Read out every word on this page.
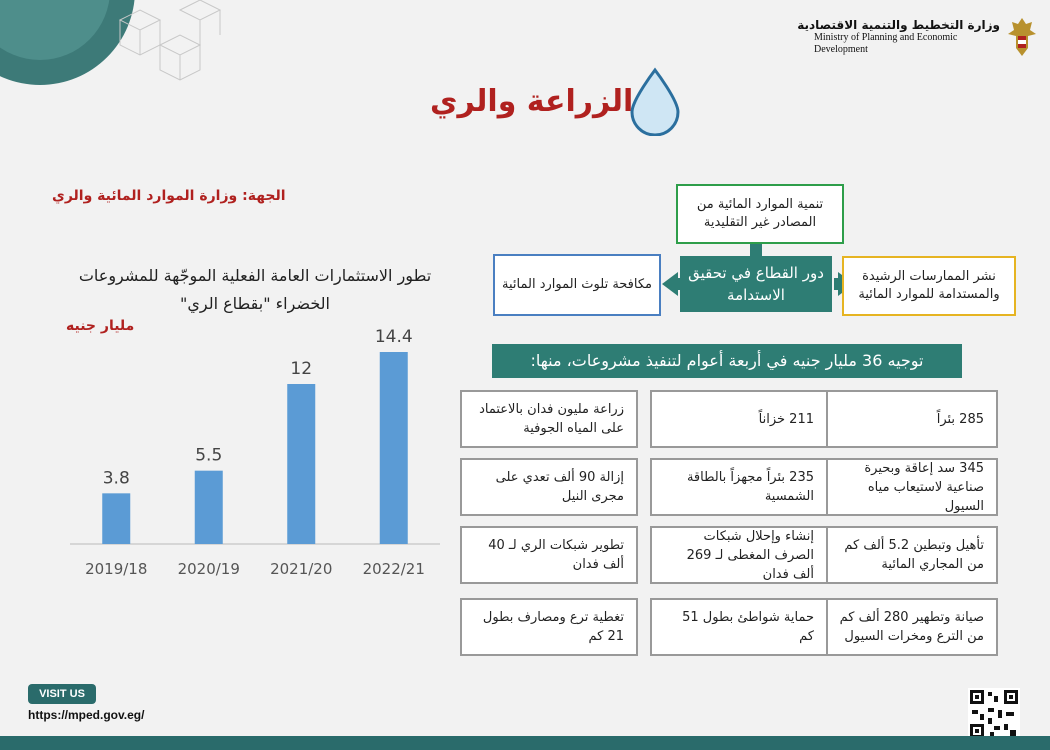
وزارة التخطيط والتنمية الاقتصادية
Ministry of Planning and Economic Development
الزراعة والري
الجهة: وزارة الموارد المائية والري
تطور الاستثمارات العامة الفعلية الموجّهة للمشروعات الخضراء "بقطاع الري"
مليار جنيه
3.8
2019/18
5.5
2020/19
12
2021/20
14.4
2022/21
تنمية الموارد المائية من المصادر غير التقليدية
مكافحة تلوث الموارد المائية
نشر الممارسات الرشيدة والمستدامة للموارد المائية
دور القطاع في تحقيق الاستدامة
توجيه 36 مليار جنيه في أربعة أعوام لتنفيذ مشروعات، منها:
285 بئراً
211 خزاناً
زراعة مليون فدان بالاعتماد على المياه الجوفية
345 سد إعاقة وبحيرة صناعية لاستيعاب مياه السيول
235 بئراً مجهزاً بالطاقة الشمسية
إزالة 90 ألف تعدي على مجرى النيل
تأهيل وتبطين 5.2 ألف كم من المجاري المائية
إنشاء وإحلال شبكات الصرف المغطى لـ 269 ألف فدان
تطوير شبكات الري لـ 40 ألف فدان
صيانة وتطهير 280 ألف كم من الترع ومخرات السيول
حماية شواطئ بطول 51 كم
تغطية ترع ومصارف بطول 21 كم
VISIT US
https://mped.gov.eg/
